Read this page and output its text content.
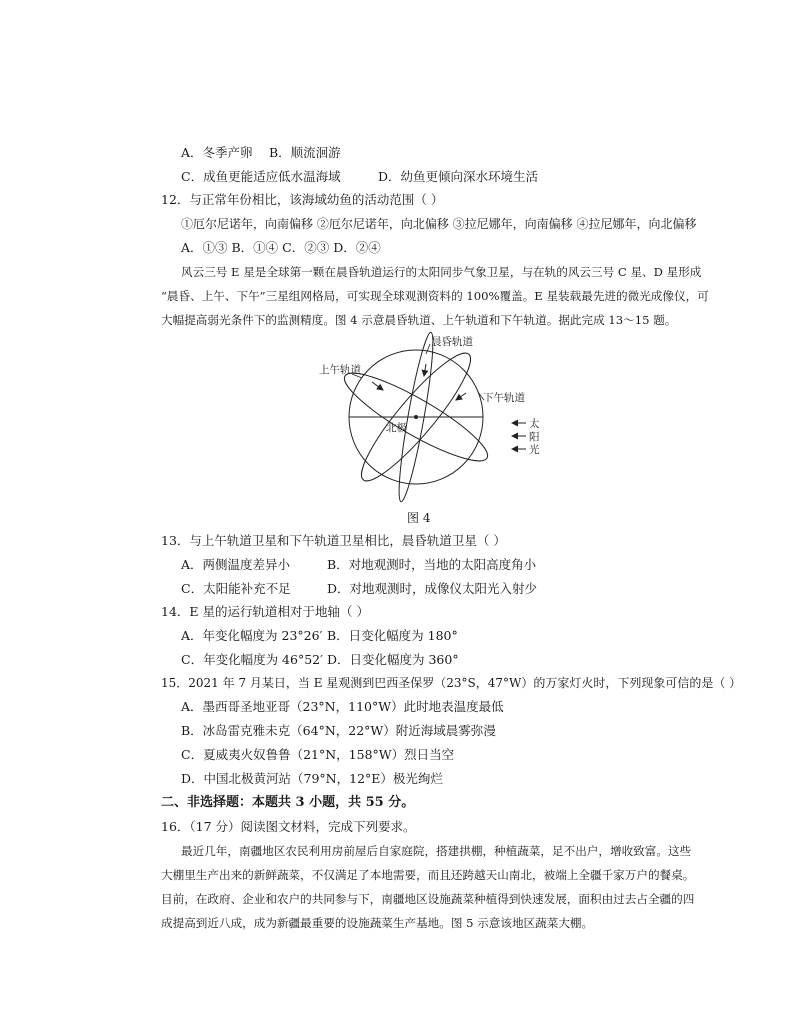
A．冬季产卵 B．顺流洄游
C．成鱼更能适应低水温海域	D．幼鱼更倾向深水环境生活
12．与正常年份相比，该海域幼鱼的活动范围（ ）
①厄尔尼诺年，向南偏移 ②厄尔尼诺年，向北偏移 ③拉尼娜年，向南偏移 ④拉尼娜年，向北偏移
A．①③ B．①④ C．②③ D．②④
风云三号 E 星是全球第一颗在晨昏轨道运行的太阳同步气象卫星，与在轨的风云三号 C 星、D 星形成
“晨昏、上午、下午”三星组网格局，可实现全球观测资料的 100%覆盖。E 星装载最先进的微光成像仪，可
大幅提高弱光条件下的监测精度。图 4 示意晨昏轨道、上午轨道和下午轨道。据此完成 13～15 题。
晨昏轨道
上午轨道
下午轨道
北极	太
阳
光
图 4
13．与上午轨道卫星和下午轨道卫星相比，晨昏轨道卫星（ ）
A．两侧温度差异小	B．对地观测时，当地的太阳高度角小
C．太阳能补充不足	D．对地观测时，成像仪太阳光入射少
14．E 星的运行轨道相对于地轴（ ）
A．年变化幅度为 23°26′ B．日变化幅度为 180°
C．年变化幅度为 46°52′ D．日变化幅度为 360°
15．2021 年 7 月某日，当 E 星观测到巴西圣保罗（23°S，47°W）的万家灯火时，下列现象可信的是（ ）
A．墨西哥圣地亚哥（23°N，110°W）此时地表温度最低
B．冰岛雷克雅未克（64°N，22°W）附近海域晨雾弥漫
C．夏威夷火奴鲁鲁（21°N，158°W）烈日当空
D．中国北极黄河站（79°N，12°E）极光绚烂
二、非选择题：本题共 3 小题，共 55 分。
16．（17 分）阅读图文材料，完成下列要求。
最近几年，南疆地区农民利用房前屋后自家庭院，搭建拱棚，种植蔬菜，足不出户，增收致富。这些
大棚里生产出来的新鲜蔬菜，不仅满足了本地需要，而且还跨越天山南北，被端上全疆千家万户的餐桌。
目前，在政府、企业和农户的共同参与下，南疆地区设施蔬菜种植得到快速发展，面积由过去占全疆的四
成提高到近八成，成为新疆最重要的设施蔬菜生产基地。图 5 示意该地区蔬菜大棚。
